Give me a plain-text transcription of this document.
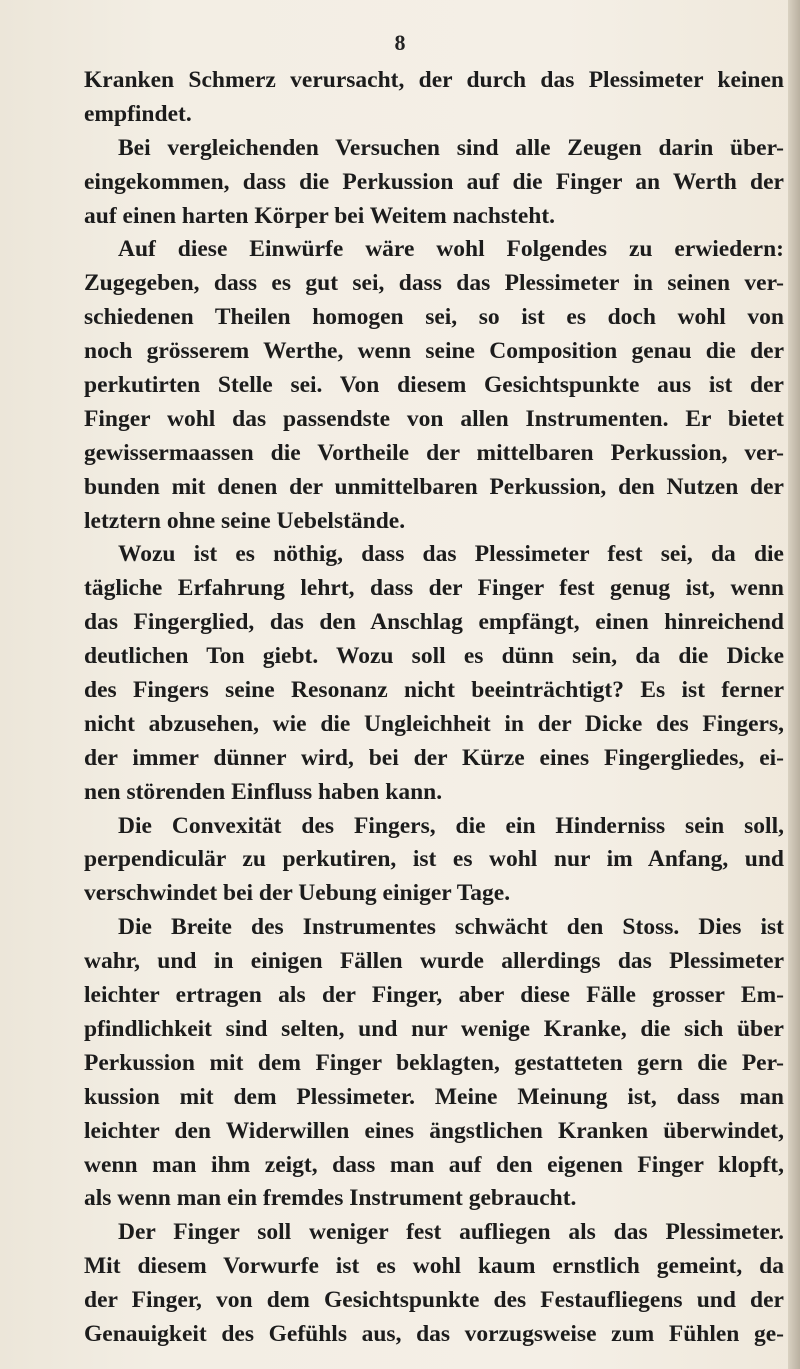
8
Kranken Schmerz verursacht, der durch das Plessimeter keinen
empfindet.
Bei vergleichenden Versuchen sind alle Zeugen darin über-
eingekommen, dass die Perkussion auf die Finger an Werth der
auf einen harten Körper bei Weitem nachsteht.
Auf diese Einwürfe wäre wohl Folgendes zu erwiedern:
Zugegeben, dass es gut sei, dass das Plessimeter in seinen ver-
schiedenen Theilen homogen sei, so ist es doch wohl von
noch grösserem Werthe, wenn seine Composition genau die der
perkutirten Stelle sei. Von diesem Gesichtspunkte aus ist der
Finger wohl das passendste von allen Instrumenten. Er bietet
gewissermaassen die Vortheile der mittelbaren Perkussion, ver-
bunden mit denen der unmittelbaren Perkussion, den Nutzen der
letztern ohne seine Uebelstände.
Wozu ist es nöthig, dass das Plessimeter fest sei, da die
tägliche Erfahrung lehrt, dass der Finger fest genug ist, wenn
das Fingerglied, das den Anschlag empfängt, einen hinreichend
deutlichen Ton giebt. Wozu soll es dünn sein, da die Dicke
des Fingers seine Resonanz nicht beeinträchtigt? Es ist ferner
nicht abzusehen, wie die Ungleichheit in der Dicke des Fingers,
der immer dünner wird, bei der Kürze eines Fingergliedes, ei-
nen störenden Einfluss haben kann.
Die Convexität des Fingers, die ein Hinderniss sein soll,
perpendiculär zu perkutiren, ist es wohl nur im Anfang, und
verschwindet bei der Uebung einiger Tage.
Die Breite des Instrumentes schwächt den Stoss. Dies ist
wahr, und in einigen Fällen wurde allerdings das Plessimeter
leichter ertragen als der Finger, aber diese Fälle grosser Em-
pfindlichkeit sind selten, und nur wenige Kranke, die sich über
Perkussion mit dem Finger beklagten, gestatteten gern die Per-
kussion mit dem Plessimeter. Meine Meinung ist, dass man
leichter den Widerwillen eines ängstlichen Kranken überwindet,
wenn man ihm zeigt, dass man auf den eigenen Finger klopft,
als wenn man ein fremdes Instrument gebraucht.
Der Finger soll weniger fest aufliegen als das Plessimeter.
Mit diesem Vorwurfe ist es wohl kaum ernstlich gemeint, da
der Finger, von dem Gesichtspunkte des Festaufliegens und der
Genauigkeit des Gefühls aus, das vorzugsweise zum Fühlen ge-
